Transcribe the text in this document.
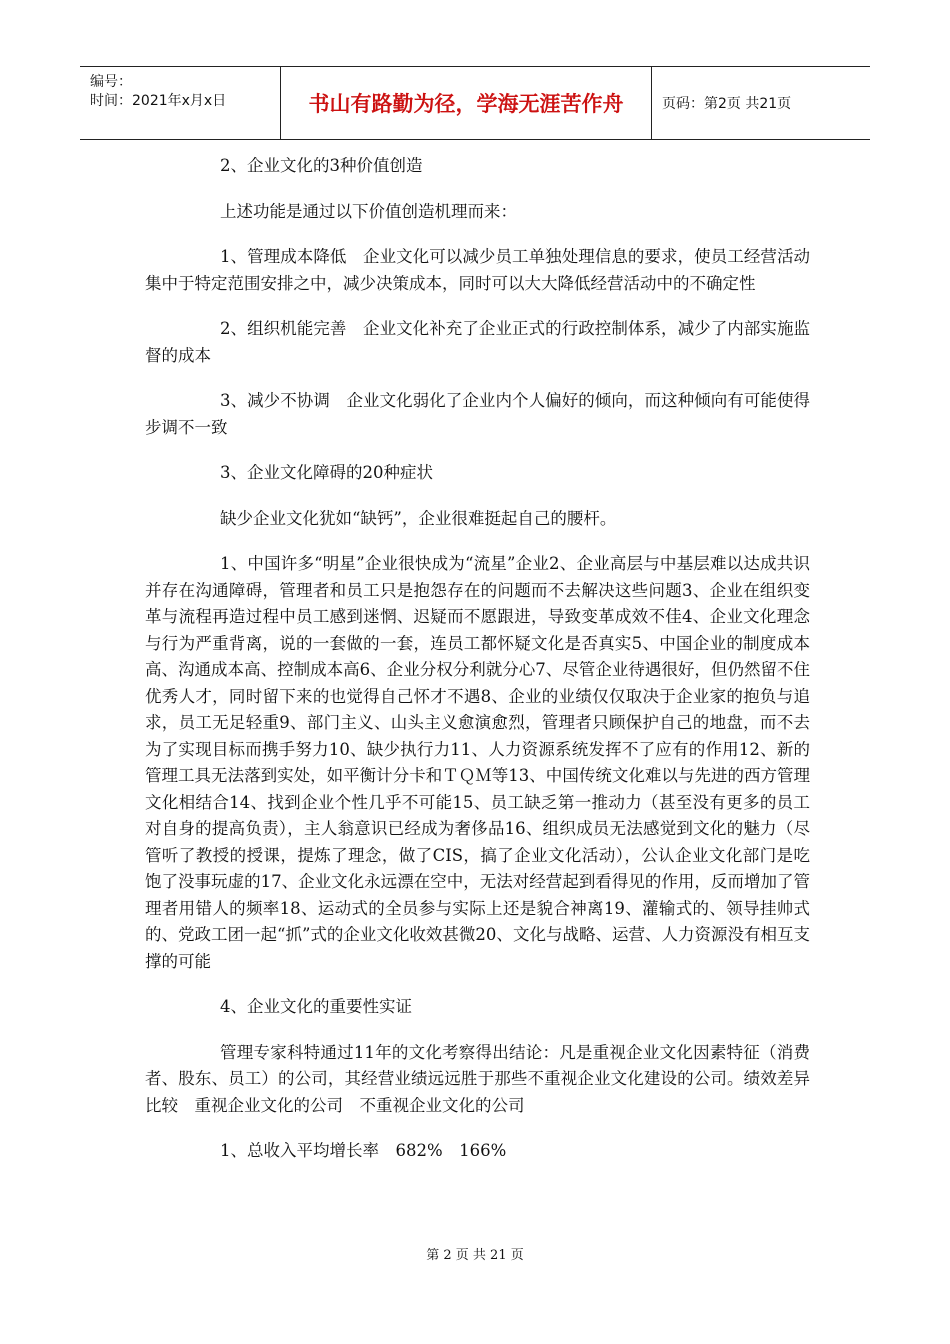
编号：
时间：2021年x月x日	书山有路勤为径，学海无涯苦作舟	页码：第2页 共21页

2、企业文化的3种价值创造

上述功能是通过以下价值创造机理而来：

1、管理成本降低　企业文化可以减少员工单独处理信息的要求，使员工经营活动集中于特定范围安排之中，减少决策成本，同时可以大大降低经营活动中的不确定性

2、组织机能完善　企业文化补充了企业正式的行政控制体系，减少了内部实施监督的成本

3、减少不协调　企业文化弱化了企业内个人偏好的倾向，而这种倾向有可能使得步调不一致

3、企业文化障碍的20种症状

缺少企业文化犹如“缺钙”，企业很难挺起自己的腰杆。

1、中国许多“明星”企业很快成为“流星”企业2、企业高层与中基层难以达成共识并存在沟通障碍，管理者和员工只是抱怨存在的问题而不去解决这些问题3、企业在组织变革与流程再造过程中员工感到迷惘、迟疑而不愿跟进，导致变革成效不佳4、企业文化理念与行为严重背离，说的一套做的一套，连员工都怀疑文化是否真实5、中国企业的制度成本高、沟通成本高、控制成本高6、企业分权分利就分心7、尽管企业待遇很好，但仍然留不住优秀人才，同时留下来的也觉得自己怀才不遇8、企业的业绩仅仅取决于企业家的抱负与追求，员工无足轻重9、部门主义、山头主义愈演愈烈，管理者只顾保护自己的地盘，而不去为了实现目标而携手努力10、缺少执行力11、人力资源系统发挥不了应有的作用12、新的管理工具无法落到实处，如平衡计分卡和ＴＱＭ等13、中国传统文化难以与先进的西方管理文化相结合14、找到企业个性几乎不可能15、员工缺乏第一推动力（甚至没有更多的员工对自身的提高负责），主人翁意识已经成为奢侈品16、组织成员无法感觉到文化的魅力（尽管听了教授的授课，提炼了理念，做了CIS，搞了企业文化活动），公认企业文化部门是吃饱了没事玩虚的17、企业文化永远漂在空中，无法对经营起到看得见的作用，反而增加了管理者用错人的频率18、运动式的全员参与实际上还是貌合神离19、灌输式的、领导挂帅式的、党政工团一起“抓”式的企业文化收效甚微20、文化与战略、运营、人力资源没有相互支撑的可能

4、企业文化的重要性实证

管理专家科特通过11年的文化考察得出结论：凡是重视企业文化因素特征（消费者、股东、员工）的公司，其经营业绩远远胜于那些不重视企业文化建设的公司。绩效差异比较　重视企业文化的公司　不重视企业文化的公司

1、总收入平均增长率　682%　166%

第 2 页 共 21 页
